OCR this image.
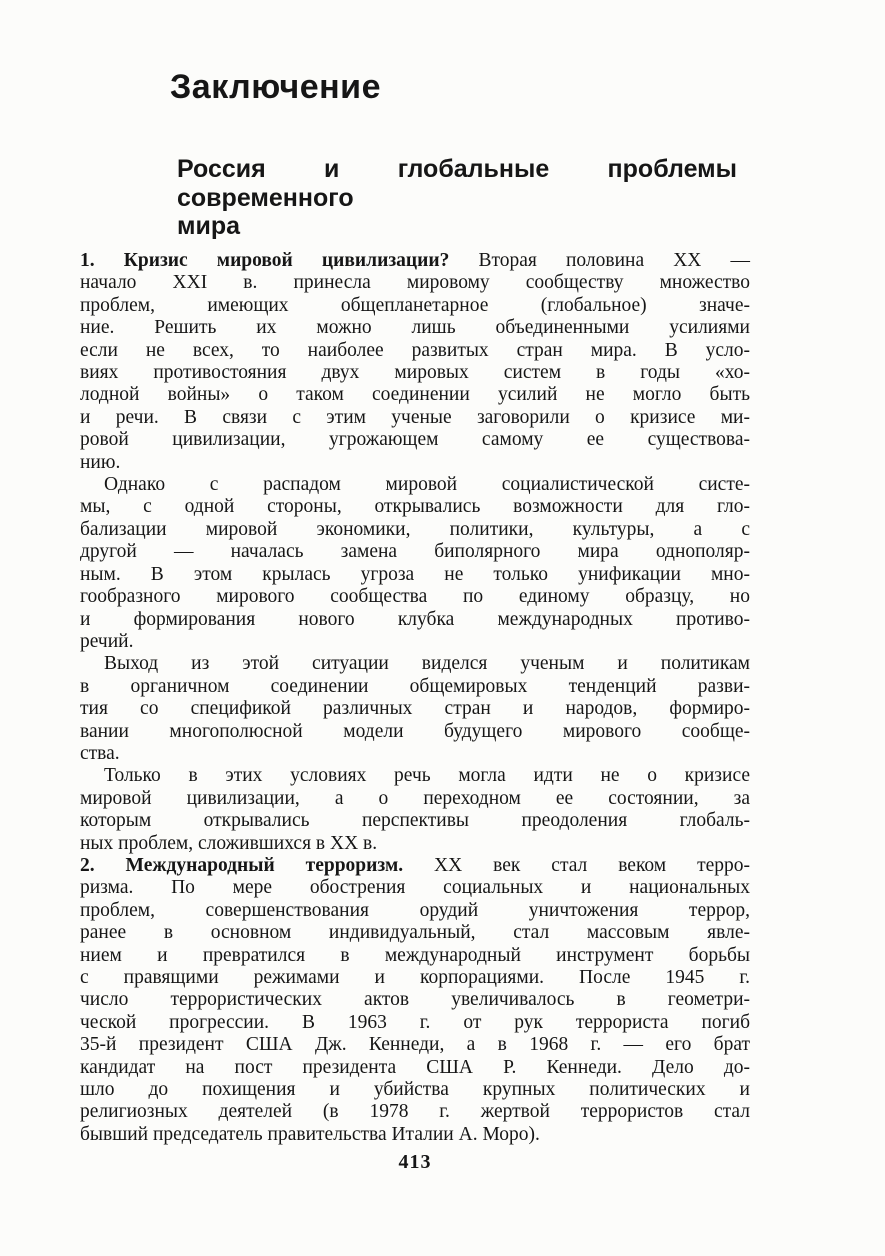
Заключение
Россия и глобальные проблемы современного
мира
1. Кризис мировой цивилизации? Вторая половина XX —
начало XXI в. принесла мировому сообществу множество
проблем, имеющих общепланетарное (глобальное) значе-
ние. Решить их можно лишь объединенными усилиями
если не всех, то наиболее развитых стран мира. В усло-
виях противостояния двух мировых систем в годы «хо-
лодной войны» о таком соединении усилий не могло быть
и речи. В связи с этим ученые заговорили о кризисе ми-
ровой цивилизации, угрожающем самому ее существова-
нию.
Однако с распадом мировой социалистической систе-
мы, с одной стороны, открывались возможности для гло-
бализации мировой экономики, политики, культуры, а с
другой — началась замена биполярного мира однополяр-
ным. В этом крылась угроза не только унификации мно-
гообразного мирового сообщества по единому образцу, но
и формирования нового клубка международных противо-
речий.
Выход из этой ситуации виделся ученым и политикам
в органичном соединении общемировых тенденций разви-
тия со спецификой различных стран и народов, формиро-
вании многополюсной модели будущего мирового сообще-
ства.
Только в этих условиях речь могла идти не о кризисе
мировой цивилизации, а о переходном ее состоянии, за
которым открывались перспективы преодоления глобаль-
ных проблем, сложившихся в XX в.
2. Международный терроризм. XX век стал веком терро-
ризма. По мере обострения социальных и национальных
проблем, совершенствования орудий уничтожения террор,
ранее в основном индивидуальный, стал массовым явле-
нием и превратился в международный инструмент борьбы
с правящими режимами и корпорациями. После 1945 г.
число террористических актов увеличивалось в геометри-
ческой прогрессии. В 1963 г. от рук террориста погиб
35-й президент США Дж. Кеннеди, а в 1968 г. — его брат
кандидат на пост президента США Р. Кеннеди. Дело до-
шло до похищения и убийства крупных политических и
религиозных деятелей (в 1978 г. жертвой террористов стал
бывший председатель правительства Италии А. Моро).
413
